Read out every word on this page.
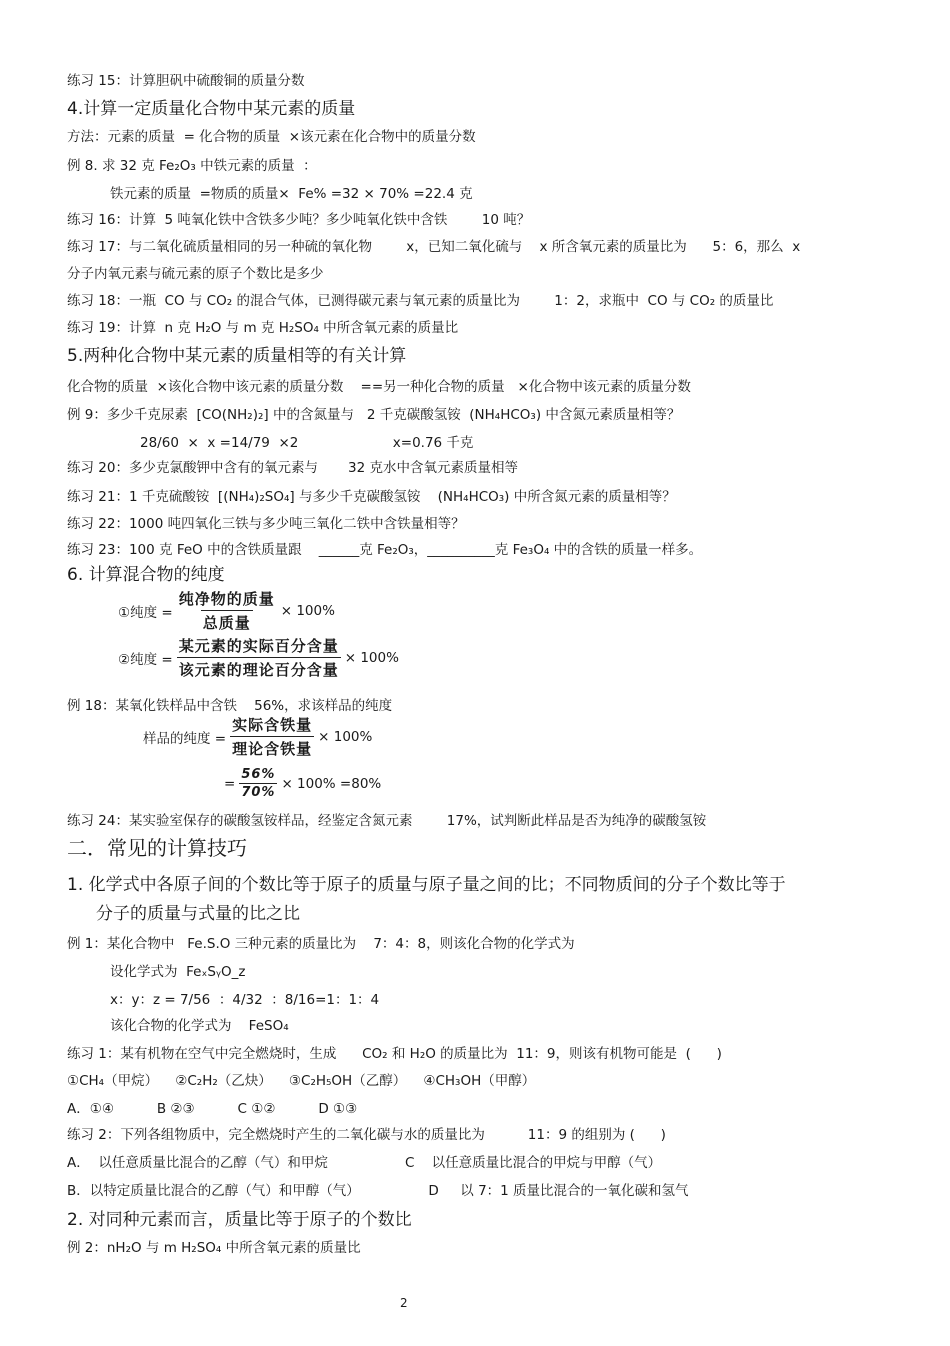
练习 15：计算胆矾中硫酸铜的质量分数
4.计算一定质量化合物中某元素的质量
方法：元素的质量  = 化合物的质量  ×该元素在化合物中的质量分数
例 8. 求 32 克 Fe₂O₃ 中铁元素的质量  ：
铁元素的质量  =物质的质量×  Fe% =32 × 70% =22.4 克
练习 16：计算  5 吨氧化铁中含铁多少吨？多少吨氧化铁中含铁        10 吨？
练习 17：与二氧化硫质量相同的另一种硫的氧化物        x，已知二氧化硫与    x 所含氧元素的质量比为      5：6，那么  x
分子内氧元素与硫元素的原子个数比是多少
练习 18：一瓶  CO 与 CO₂ 的混合气体，已测得碳元素与氧元素的质量比为        1：2，求瓶中  CO 与 CO₂ 的质量比
练习 19：计算  n 克 H₂O 与 m 克 H₂SO₄ 中所含氧元素的质量比
5.两种化合物中某元素的质量相等的有关计算
化合物的质量  ×该化合物中该元素的质量分数    ==另一种化合物的质量   ×化合物中该元素的质量分数
例 9：多少千克尿素  [CO(NH₂)₂] 中的含氮量与   2 千克碳酸氢铵  (NH₄HCO₃) 中含氮元素质量相等？
28/60  ×  x =14/79  ×2                      x=0.76 千克
练习 20：多少克氯酸钾中含有的氧元素与       32 克水中含氧元素质量相等
练习 21：1 千克硫酸铵  [(NH₄)₂SO₄] 与多少千克碳酸氢铵    (NH₄HCO₃) 中所含氮元素的质量相等？
练习 22：1000 吨四氧化三铁与多少吨三氧化二铁中含铁量相等？
练习 23：100 克 FeO 中的含铁质量跟    ______克 Fe₂O₃，__________克 Fe₃O₄ 中的含铁的质量一样多。
6. 计算混合物的纯度
①纯度 = $\frac{\text{纯净物的质量}}{\text{总质量}} \times 100\%$
②纯度 = $\frac{\text{某元素的实际百分含量}}{\text{该元素的理论百分含量}} \times 100\%$
例 18：某氧化铁样品中含铁    56%，求该样品的纯度
样品的纯度 = $\frac{\text{实际含铁量}}{\text{理论含铁量}} \times 100\%$
= $\frac{56\%}{70\%} \times 100\% =80\%$
练习 24：某实验室保存的碳酸氢铵样品，经鉴定含氮元素        17%，试判断此样品是否为纯净的碳酸氢铵
二．常见的计算技巧
1. 化学式中各原子间的个数比等于原子的质量与原子量之间的比；不同物质间的分子个数比等于
分子的质量与式量的比之比
例 1：某化合物中   Fe.S.O 三种元素的质量比为    7：4：8，则该化合物的化学式为
设化学式为  FeₓSᵧO_z
x：y：z = 7/56  ：4/32  ：8/16=1：1：4
该化合物的化学式为    FeSO₄
练习 1：某有机物在空气中完全燃烧时，生成      CO₂ 和 H₂O 的质量比为  11：9，则该有机物可能是  (      )
①CH₄（甲烷）    ②C₂H₂（乙炔）    ③C₂H₅OH（乙醇）    ④CH₃OH（甲醇）
A．①④          B ②③          C ①②          D ①③
练习 2：下列各组物质中，完全燃烧时产生的二氧化碳与水的质量比为          11：9 的组别为 (      )
A．  以任意质量比混合的乙醇（气）和甲烷                  C    以任意质量比混合的甲烷与甲醇（气）
B．以特定质量比混合的乙醇（气）和甲醇（气）                D     以 7：1 质量比混合的一氧化碳和氢气
2. 对同种元素而言，质量比等于原子的个数比
例 2：nH₂O 与 m H₂SO₄ 中所含氧元素的质量比
2
